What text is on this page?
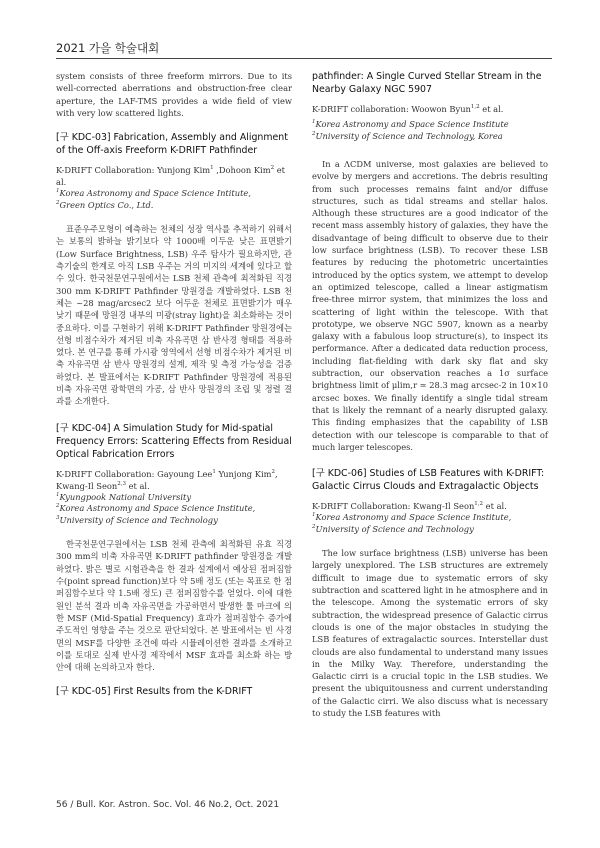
2021 가을 학술대회

system consists of three freeform mirrors. Due to its well-corrected aberrations and obstruction-free clear aperture, the LAF-TMS provides a wide field of view with very low scattered lights.

[구 KDC-03] Fabrication, Assembly and Alignment of the Off-axis Freeform K-DRIFT Pathfinder

K-DRIFT Collaboration: Yunjong Kim$^1$ ,Dohoon Kim$^2$ et al.

$^1$Korea Astronomy and Space Science Intitute,

$^2$Green Optics Co., Ltd.

표준우주모형이 예측하는 천체의 성장 역사를 추적하기 위해서는 보통의 밝하늘 밝기보다 약 1000배 이두운 낮은 표면밝기(Low Surface Brightness, LSB) 우주 탐사가 필요하지만, 관측기술의 한계로 아직 LSB 우주는 거의 미지의 세계에 있다고 할 수 있다. 한국천문연구원에서는 LSB 천체 관측에 최적화된 직경 300 mm K-DRIFT Pathfinder 망원경을 개발하였다. LSB 천체는 ~28 mag/arcsec2 보다 어두운 천체로 표면밝기가 매우 낮기 때문에 망원경 내부의 미광(stray light)을 최소화하는 것이 중요하다. 이를 구현하기 위해 K-DRIFT Pathfinder 망원경에는 선형 비점수차가 제거된 비축 자유곡면 삼 반사경 형태를 적용하였다. 본 연구를 통해 가시광 영역에서 선형 비점수차가 제거된 비축 자유곡면 삼 반사 망원경의 설계, 제작 및 측정 가능성을 검증하였다. 본 발표에서는 K-DRIFT Pathfinder 망원경에 적용된 비축 자유곡면 광학면의 가공, 삼 반사 망원경의 조립 및 정렬 결과를 소개한다.

[구 KDC-04] A Simulation Study for Mid-spatial Frequency Errors: Scattering Effects from Residual Optical Fabrication Errors

K-DRIFT Collaboration: Gayoung Lee$^1$ Yunjong Kim$^2$, Kwang-Il Seon$^{2,3}$ et al.

$^1$Kyungpook National University

$^2$Korea Astronomy and Space Science Institute,

$^3$University of Science and Technology

한국천문연구원에서는 LSB 천체 관측에 최적화된 유효 직경 300 mm의 비축 자유곡면 K-DRIFT pathfinder 망원경을 개발하였다. 밝은 별로 시험관측을 한 결과 설계에서 예상된 점퍼짐함수(point spread function)보다 약 5배 정도 (또는 목표로 한 점퍼짐함수보다 약 1.5배 정도) 큰 점퍼짐함수를 얻었다. 이에 대한 원인 분석 결과 비축 자유곡면을 가공하면서 발생한 툴 마크에 의한 MSF (Mid-Spatial Frequency) 효과가 점퍼짐함수 증가에 주도적인 영향을 주는 것으로 판단되었다. 본 발표에서는 빈 사경면의 MSF를 다양한 조건에 따라 시뮬레이션한 결과를 소개하고 이를 토대로 실제 반사경 제작에서 MSF 효과를 최소화 하는 방안에 대해 논의하고자 한다.

[구 KDC-05] First Results from the K-DRIFT
pathfinder: A Single Curved Stellar Stream in the Nearby Galaxy NGC 5907

K-DRIFT collaboration: Woowon Byun$^{1,2}$ et al.

$^1$Korea Astronomy and Space Science Institute

$^2$University of Science and Technology, Korea

In a ΛCDM universe, most galaxies are believed to evolve by mergers and accretions. The debris resulting from such processes remains faint and/or diffuse structures, such as tidal streams and stellar halos. Although these structures are a good indicator of the recent mass assembly history of galaxies, they have the disadvantage of being difficult to observe due to their low surface brightness (LSB). To recover these LSB features by reducing the photometric uncertainties introduced by the optics system, we attempt to develop an optimized telescope, called a linear astigmatism free-three mirror system, that minimizes the loss and scattering of light within the telescope. With that prototype, we observe NGC 5907, known as a nearby galaxy with a fabulous loop structure(s), to inspect its performance. After a dedicated data reduction process, including flat-fielding with dark sky flat and sky subtraction, our observation reaches a 1σ surface brightness limit of μlim,r ≃ 28.3 mag arcsec-2 in 10×10 arcsec boxes. We finally identify a single tidal stream that is likely the remnant of a nearly disrupted galaxy. This finding emphasizes that the capability of LSB detection with our telescope is comparable to that of much larger telescopes.

[구 KDC-06] Studies of LSB Features with K-DRIFT: Galactic Cirrus Clouds and Extragalactic Objects

K-DRIFT Collaboration: Kwang-Il Seon$^{1,2}$ et al.

$^1$Korea Astronomy and Space Science Institute,

$^2$University of Science and Technology

The low surface brightness (LSB) universe has been largely unexplored. The LSB structures are extremely difficult to image due to systematic errors of sky subtraction and scattered light in he atmosphere and in the telescope. Among the systematic errors of sky subtraction, the widespread presence of Galactic cirrus clouds is one of the major obstacles in studying the LSB features of extragalactic sources. Interstellar dust clouds are also fundamental to understand many issues in the Milky Way. Therefore, understanding the Galactic cirri is a crucial topic in the LSB studies. We present the ubiquitousness and current understanding of the Galactic cirri. We also discuss what is necessary to study the LSB features with

56 / Bull. Kor. Astron. Soc. Vol. 46 No.2, Oct. 2021
